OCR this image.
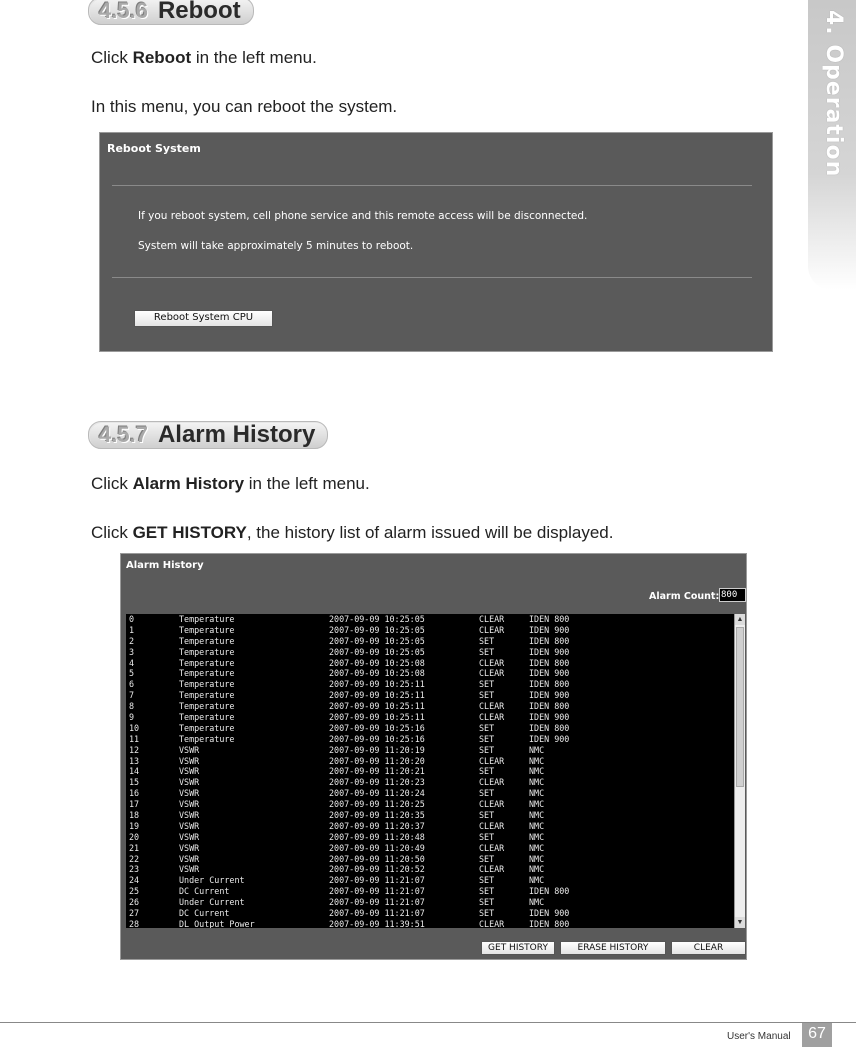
4. Operation
4.5.6 Reboot
Click Reboot in the left menu.
In this menu, you can reboot the system.
Reboot System
If you reboot system, cell phone service and this remote access will be disconnected.
System will take approximately 5 minutes to reboot.
Reboot System CPU
4.5.7 Alarm History
Click Alarm History in the left menu.
Click GET HISTORY, the history list of alarm issued will be displayed.
Alarm History
Alarm Count: 800
0	Temperature	2007-09-09 10:25:05	CLEAR	IDEN 800
1	Temperature	2007-09-09 10:25:05	CLEAR	IDEN 900
2	Temperature	2007-09-09 10:25:05	SET	IDEN 800
3	Temperature	2007-09-09 10:25:05	SET	IDEN 900
4	Temperature	2007-09-09 10:25:08	CLEAR	IDEN 800
5	Temperature	2007-09-09 10:25:08	CLEAR	IDEN 900
6	Temperature	2007-09-09 10:25:11	SET	IDEN 800
7	Temperature	2007-09-09 10:25:11	SET	IDEN 900
8	Temperature	2007-09-09 10:25:11	CLEAR	IDEN 800
9	Temperature	2007-09-09 10:25:11	CLEAR	IDEN 900
10	Temperature	2007-09-09 10:25:16	SET	IDEN 800
11	Temperature	2007-09-09 10:25:16	SET	IDEN 900
12	VSWR	2007-09-09 11:20:19	SET	NMC
13	VSWR	2007-09-09 11:20:20	CLEAR	NMC
14	VSWR	2007-09-09 11:20:21	SET	NMC
15	VSWR	2007-09-09 11:20:23	CLEAR	NMC
16	VSWR	2007-09-09 11:20:24	SET	NMC
17	VSWR	2007-09-09 11:20:25	CLEAR	NMC
18	VSWR	2007-09-09 11:20:35	SET	NMC
19	VSWR	2007-09-09 11:20:37	CLEAR	NMC
20	VSWR	2007-09-09 11:20:48	SET	NMC
21	VSWR	2007-09-09 11:20:49	CLEAR	NMC
22	VSWR	2007-09-09 11:20:50	SET	NMC
23	VSWR	2007-09-09 11:20:52	CLEAR	NMC
24	Under Current	2007-09-09 11:21:07	SET	NMC
25	DC Current	2007-09-09 11:21:07	SET	IDEN 800
26	Under Current	2007-09-09 11:21:07	SET	NMC
27	DC Current	2007-09-09 11:21:07	SET	IDEN 900
28	DL Output Power	2007-09-09 11:39:51	CLEAR	IDEN 800
▲
▼
GET HISTORY	ERASE HISTORY	CLEAR
User's Manual	67
